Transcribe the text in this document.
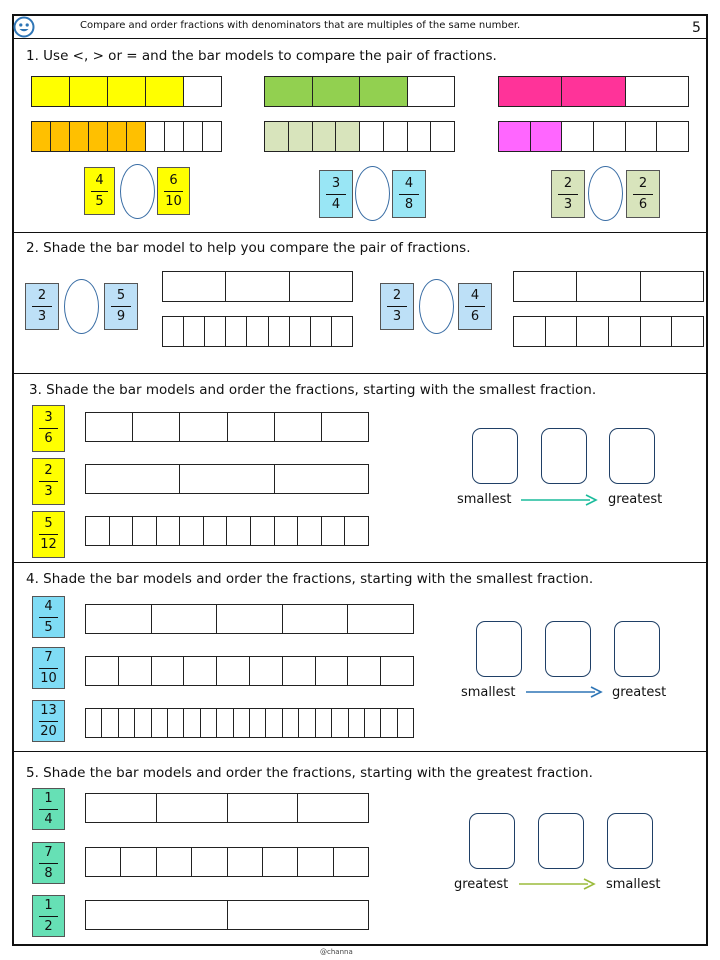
Compare and order fractions with denominators that are multiples of the same number.	5
1. Use <, > or = and the bar models to compare the pair of fractions.
4
5
6
10
3
4
4
8
2
3
2
6
2. Shade the bar model to help you compare the pair of fractions.
2
3
5
9
2
3
4
6
3. Shade the bar models and order the fractions, starting with the smallest fraction.
3
6
2
3
5
12
smallest	greatest
4. Shade the bar models and order the fractions, starting with the smallest fraction.
4
5
7
10
13
20
smallest	greatest
5. Shade the bar models and order the fractions, starting with the greatest fraction.
1
4
7
8
1
2
greatest	smallest
@channa
